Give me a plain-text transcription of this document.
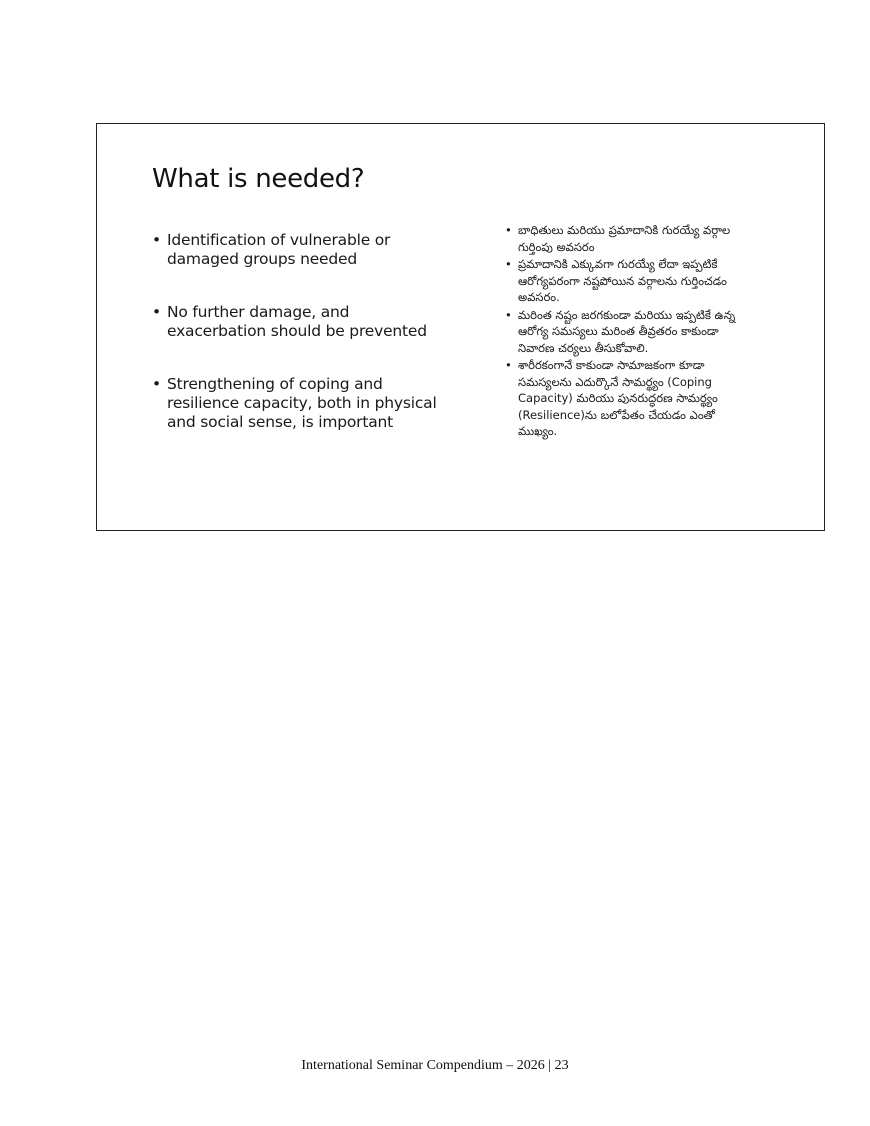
What is needed?
• Identification of vulnerable or damaged groups needed
• No further damage, and exacerbation should be prevented
• Strengthening of coping and resilience capacity, both in physical and social sense, is important
• బాధితులు మరియు ప్రమాదానికి గురయ్యే వర్గాల గుర్తింపు అవసరం
• ప్రమాదానికి ఎక్కువగా గురయ్యే లేదా ఇప్పటికే ఆరోగ్యపరంగా నష్టపోయిన వర్గాలను గుర్తించడం అవసరం.
• మరింత నష్టం జరగకుండా మరియు ఇప్పటికే ఉన్న ఆరోగ్య సమస్యలు మరింత తీవ్రతరం కాకుండా నివారణ చర్యలు తీసుకోవాలి.
• శారీరకంగానే కాకుండా సామాజకంగా కూడా సమస్యలను ఎదుర్కొనే సామర్థ్యం (Coping Capacity) మరియు పునరుద్ధరణ సామర్థ్యం (Resilience)ను బలోపేతం చేయడం ఎంతో ముఖ్యం.
International Seminar Compendium – 2026 | 23
